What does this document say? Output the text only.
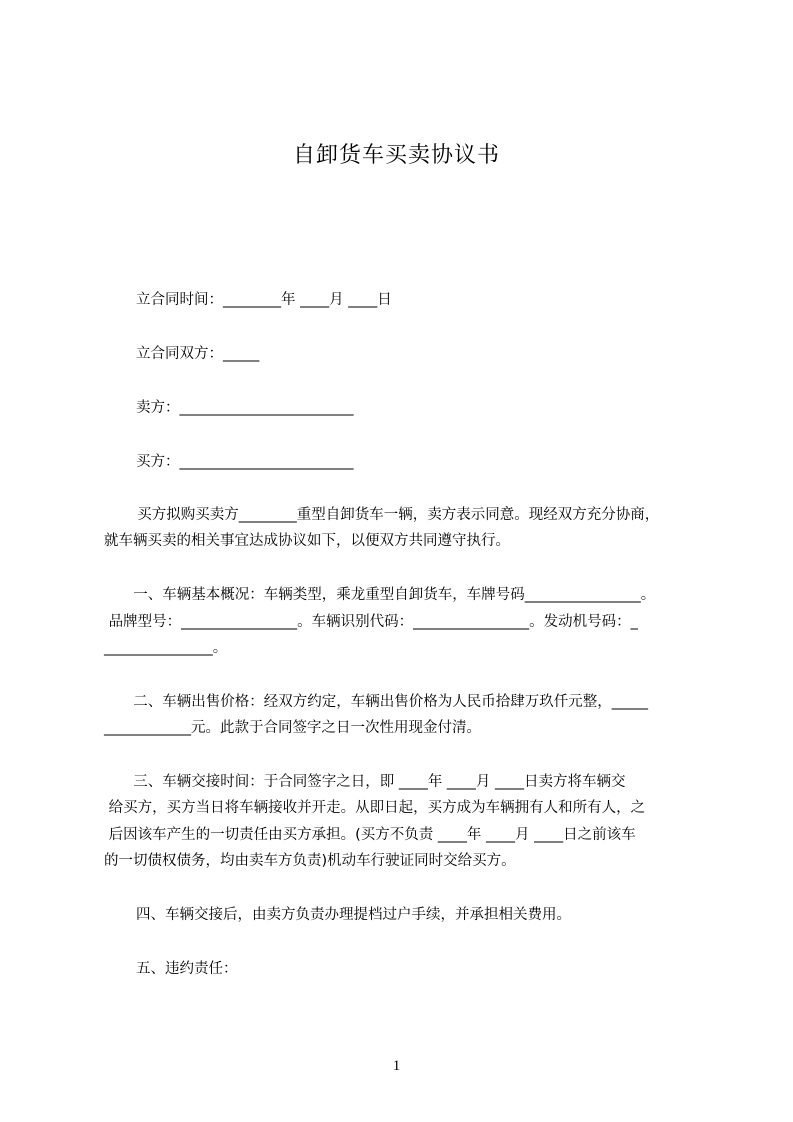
自卸货车买卖协议书
立合同时间：________年 ____月 ____日
立合同双方：_____
卖方：________________________
买方：________________________
买方拟购买卖方________重型自卸货车一辆，卖方表示同意。现经双方充分协商，
就车辆买卖的相关事宜达成协议如下，以便双方共同遵守执行。
一、车辆基本概况：车辆类型，乘龙重型自卸货车，车牌号码________________。
品牌型号：________________。车辆识别代码：________________。发动机号码：_
_______________。
二、车辆出售价格：经双方约定，车辆出售价格为人民币拾肆万玖仟元整，_____
____________元。此款于合同签字之日一次性用现金付清。
三、车辆交接时间：于合同签字之日，即 ____年 ____月 ____日卖方将车辆交
给买方，买方当日将车辆接收并开走。从即日起，买方成为车辆拥有人和所有人，之
后因该车产生的一切责任由买方承担。(买方不负责 ____年 ____月 ____日之前该车
的一切债权债务，均由卖车方负责)机动车行驶证同时交给买方。
四、车辆交接后，由卖方负责办理提档过户手续，并承担相关费用。
五、违约责任：
1
